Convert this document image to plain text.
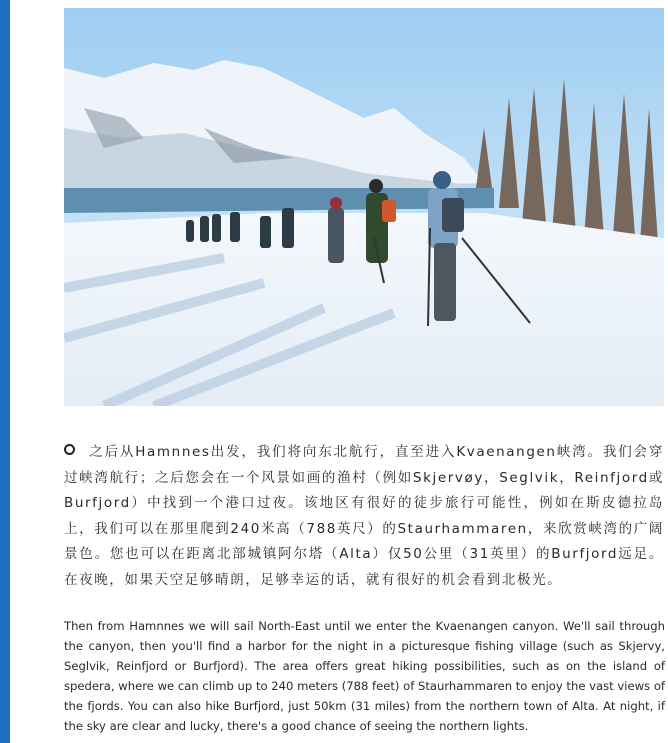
之后从Hamnnes出发，我们将向东北航行，直至进入Kvaenangen峡湾。我们会穿过峡湾航行；之后您会在一个风景如画的渔村（例如Skjervøy，Seglvik，Reinfjord或Burfjord）中找到一个港口过夜。该地区有很好的徒步旅行可能性，例如在斯皮德拉岛上，我们可以在那里爬到240米高（788英尺）的Staurhammaren，来欣赏峡湾的广阔景色。您也可以在距离北部城镇阿尔塔（Alta）仅50公里（31英里）的Burfjord远足。在夜晚，如果天空足够晴朗，足够幸运的话，就有很好的机会看到北极光。

Then from Hamnnes we will sail North-East until we enter the Kvaenangen canyon. We'll sail through the canyon, then you'll find a harbor for the night in a picturesque fishing village (such as Skjervy, Seglvik, Reinfjord or Burfjord). The area offers great hiking possibilities, such as on the island of spedera, where we can climb up to 240 meters (788 feet) of Staurhammaren to enjoy the vast views of the fjords. You can also hike Burfjord, just 50km (31 miles) from the northern town of Alta. At night, if the sky are clear and lucky, there's a good chance of seeing the northern lights.
